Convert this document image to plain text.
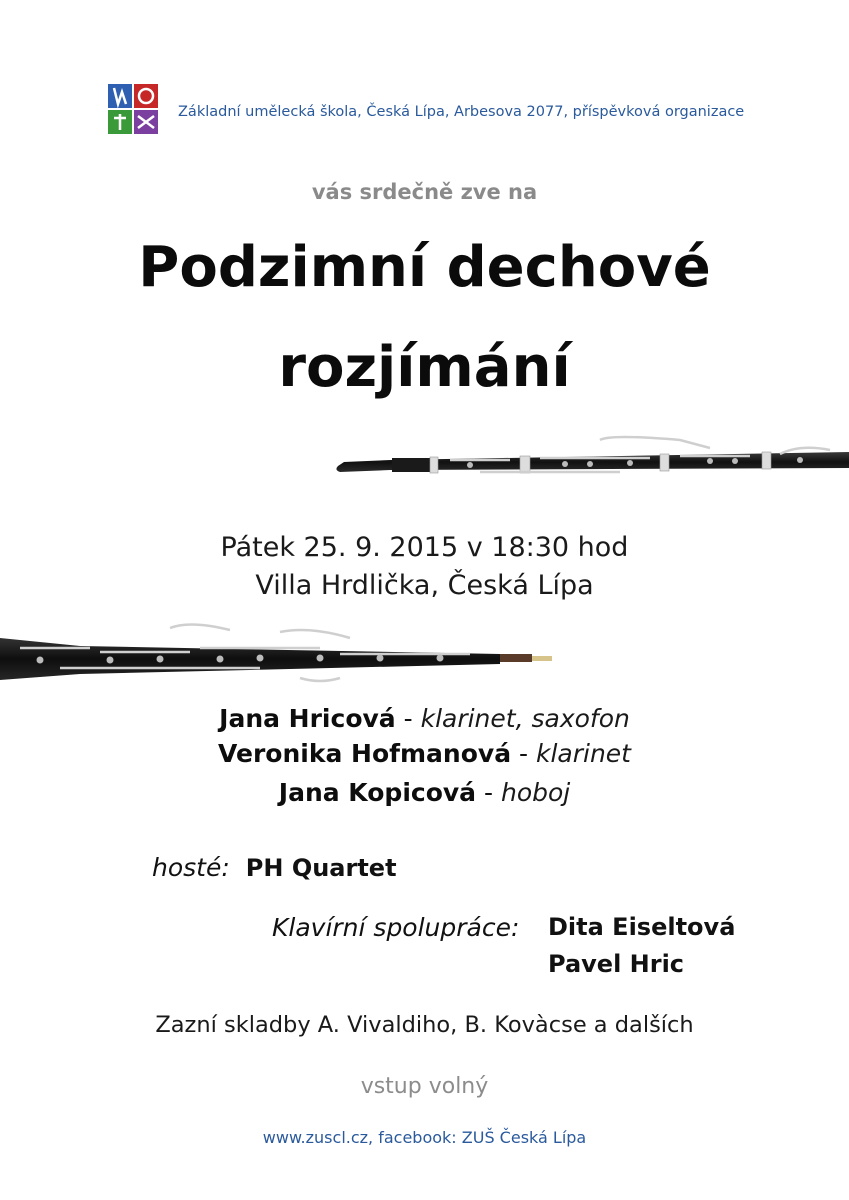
Základní umělecká škola, Česká Lípa, Arbesova 2077, příspěvková organizace
vás srdečně zve na
Podzimní dechové
rozjímání
Pátek 25. 9. 2015 v 18:30 hod
Villa Hrdlička, Česká Lípa
Jana Hricová - klarinet, saxofon
Veronika Hofmanová - klarinet
Jana Kopicová - hoboj
hosté: PH Quartet
Klavírní spolupráce: Dita Eiseltová
Pavel Hric
Zazní skladby A. Vivaldiho, B. Kovàcse a dalších
vstup volný
www.zuscl.cz, facebook: ZUŠ Česká Lípa
